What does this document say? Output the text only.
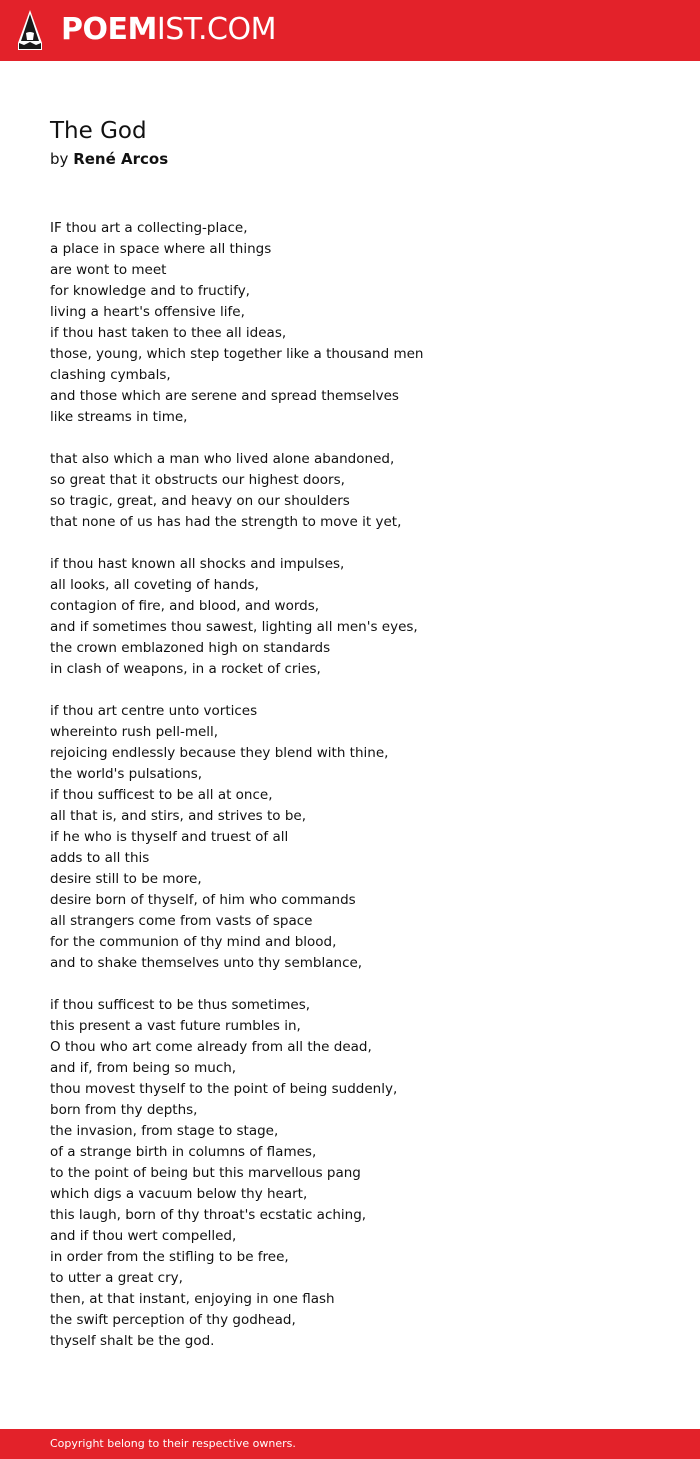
POEMIST.COM
The God
by René Arcos
IF thou art a collecting-place,
a place in space where all things
are wont to meet
for knowledge and to fructify,
living a heart's offensive life,
if thou hast taken to thee all ideas,
those, young, which step together like a thousand men
clashing cymbals,
and those which are serene and spread themselves
like streams in time,
that also which a man who lived alone abandoned,
so great that it obstructs our highest doors,
so tragic, great, and heavy on our shoulders
that none of us has had the strength to move it yet,
if thou hast known all shocks and impulses,
all looks, all coveting of hands,
contagion of fire, and blood, and words,
and if sometimes thou sawest, lighting all men's eyes,
the crown emblazoned high on standards
in clash of weapons, in a rocket of cries,
if thou art centre unto vortices
whereinto rush pell-mell,
rejoicing endlessly because they blend with thine,
the world's pulsations,
if thou sufficest to be all at once,
all that is, and stirs, and strives to be,
if he who is thyself and truest of all
adds to all this
desire still to be more,
desire born of thyself, of him who commands
all strangers come from vasts of space
for the communion of thy mind and blood,
and to shake themselves unto thy semblance,
if thou sufficest to be thus sometimes,
this present a vast future rumbles in,
O thou who art come already from all the dead,
and if, from being so much,
thou movest thyself to the point of being suddenly,
born from thy depths,
the invasion, from stage to stage,
of a strange birth in columns of flames,
to the point of being but this marvellous pang
which digs a vacuum below thy heart,
this laugh, born of thy throat's ecstatic aching,
and if thou wert compelled,
in order from the stifling to be free,
to utter a great cry,
then, at that instant, enjoying in one flash
the swift perception of thy godhead,
thyself shalt be the god.
Copyright belong to their respective owners.
